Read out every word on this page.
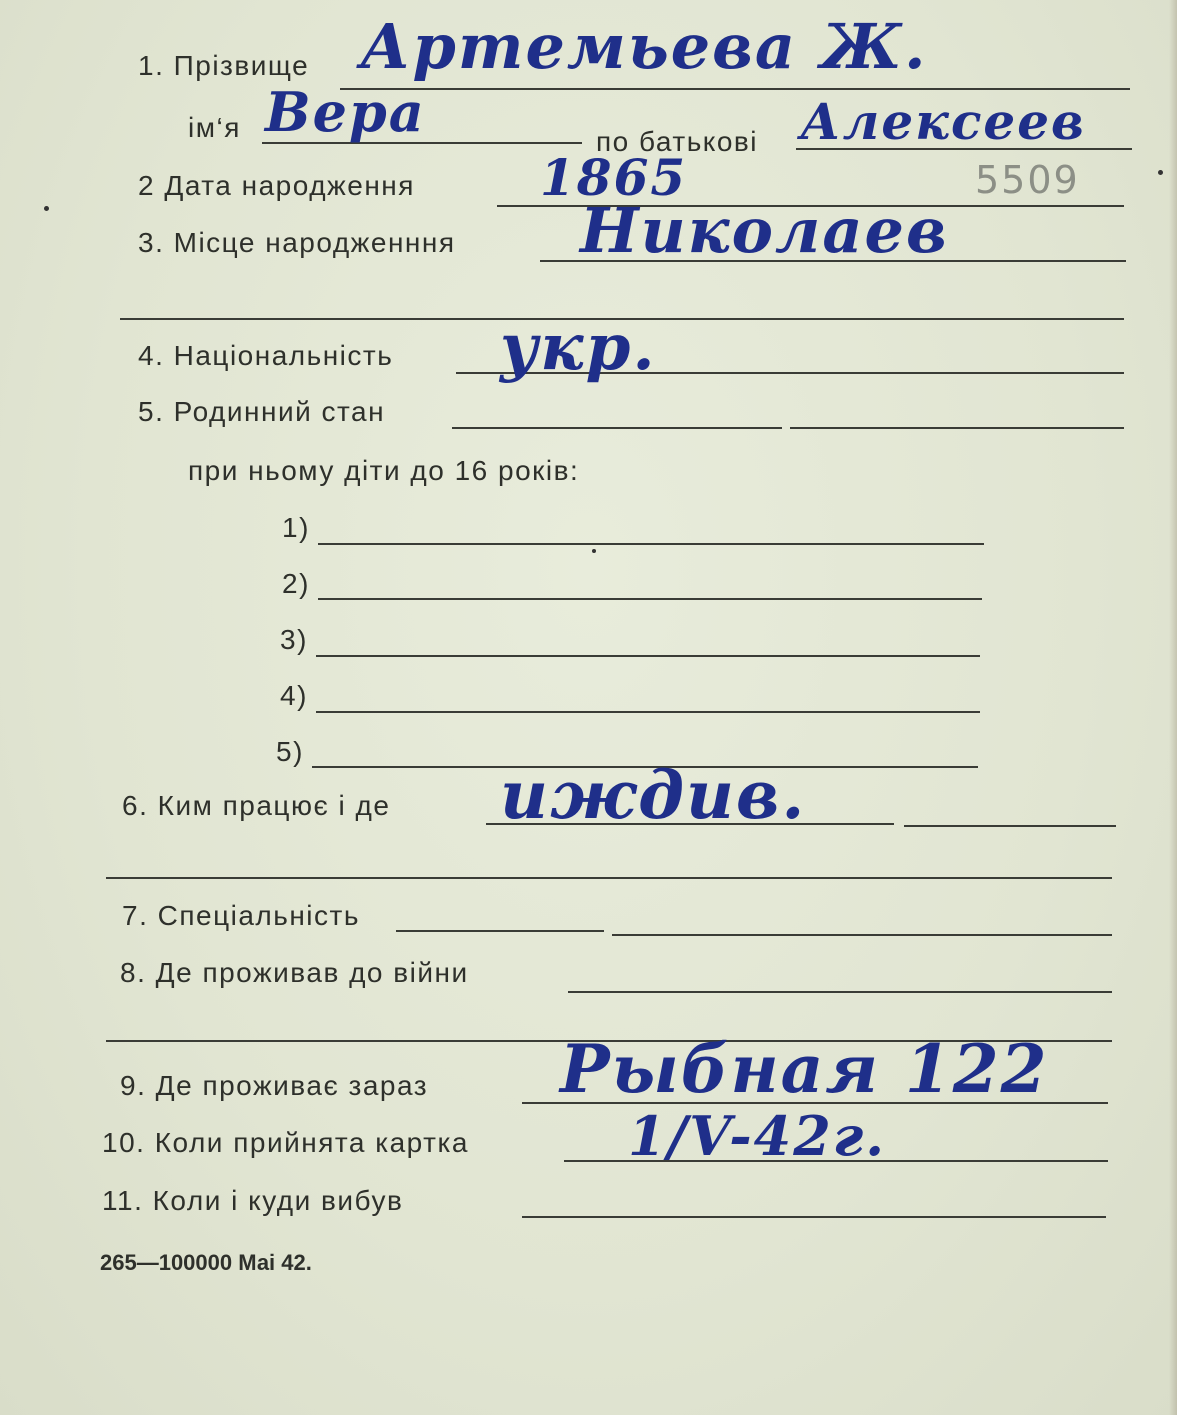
1. Прізвище Артемьева Ж.
ім‘я Вера	по батькові Алексеев
2 Дата народження	1865	5509
3. Місце народженння Николаев
4. Національність укр.
5. Родинний стан
при ньому діти до 16 років:
1)
2)
3)
4)
5)
6. Ким працює і де иждив.
7. Спеціальність
8. Де проживав до війни
9. Де проживає зараз Рыбная 122
10. Коли прийнята картка	1/V-42г.
11. Коли і куди вибув
265—100000 Маі 42.
